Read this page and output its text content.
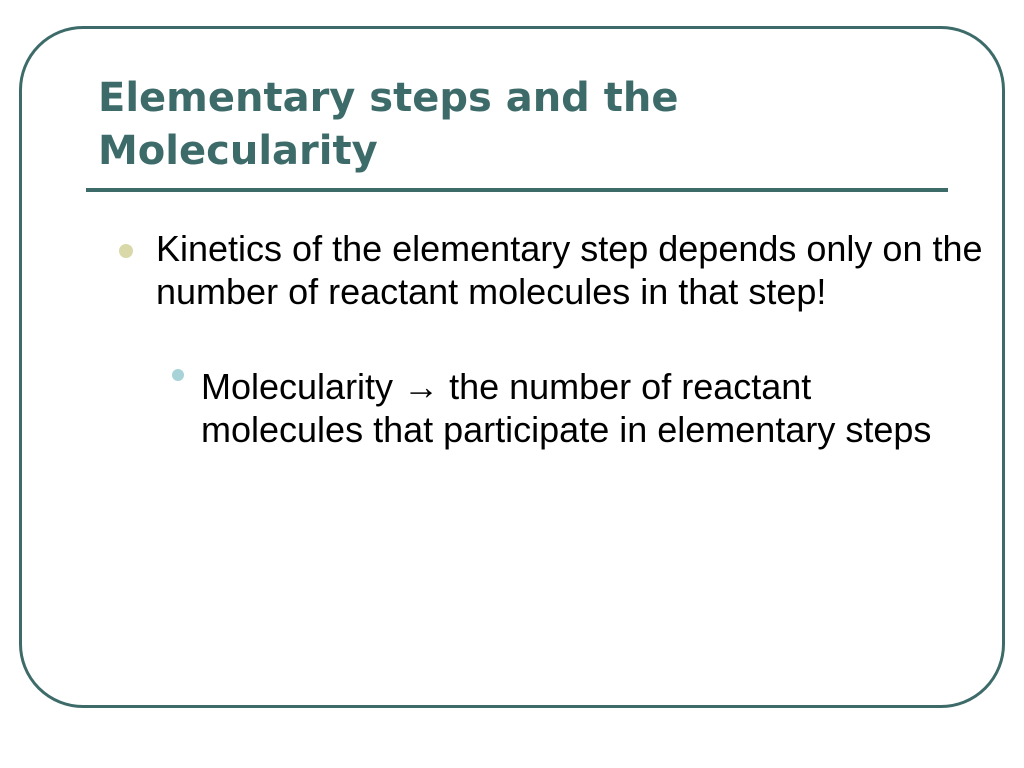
Elementary steps and the Molecularity

Kinetics of the elementary step depends only on the number of reactant molecules in that step!

Molecularity → the number of reactant molecules that participate in elementary steps
